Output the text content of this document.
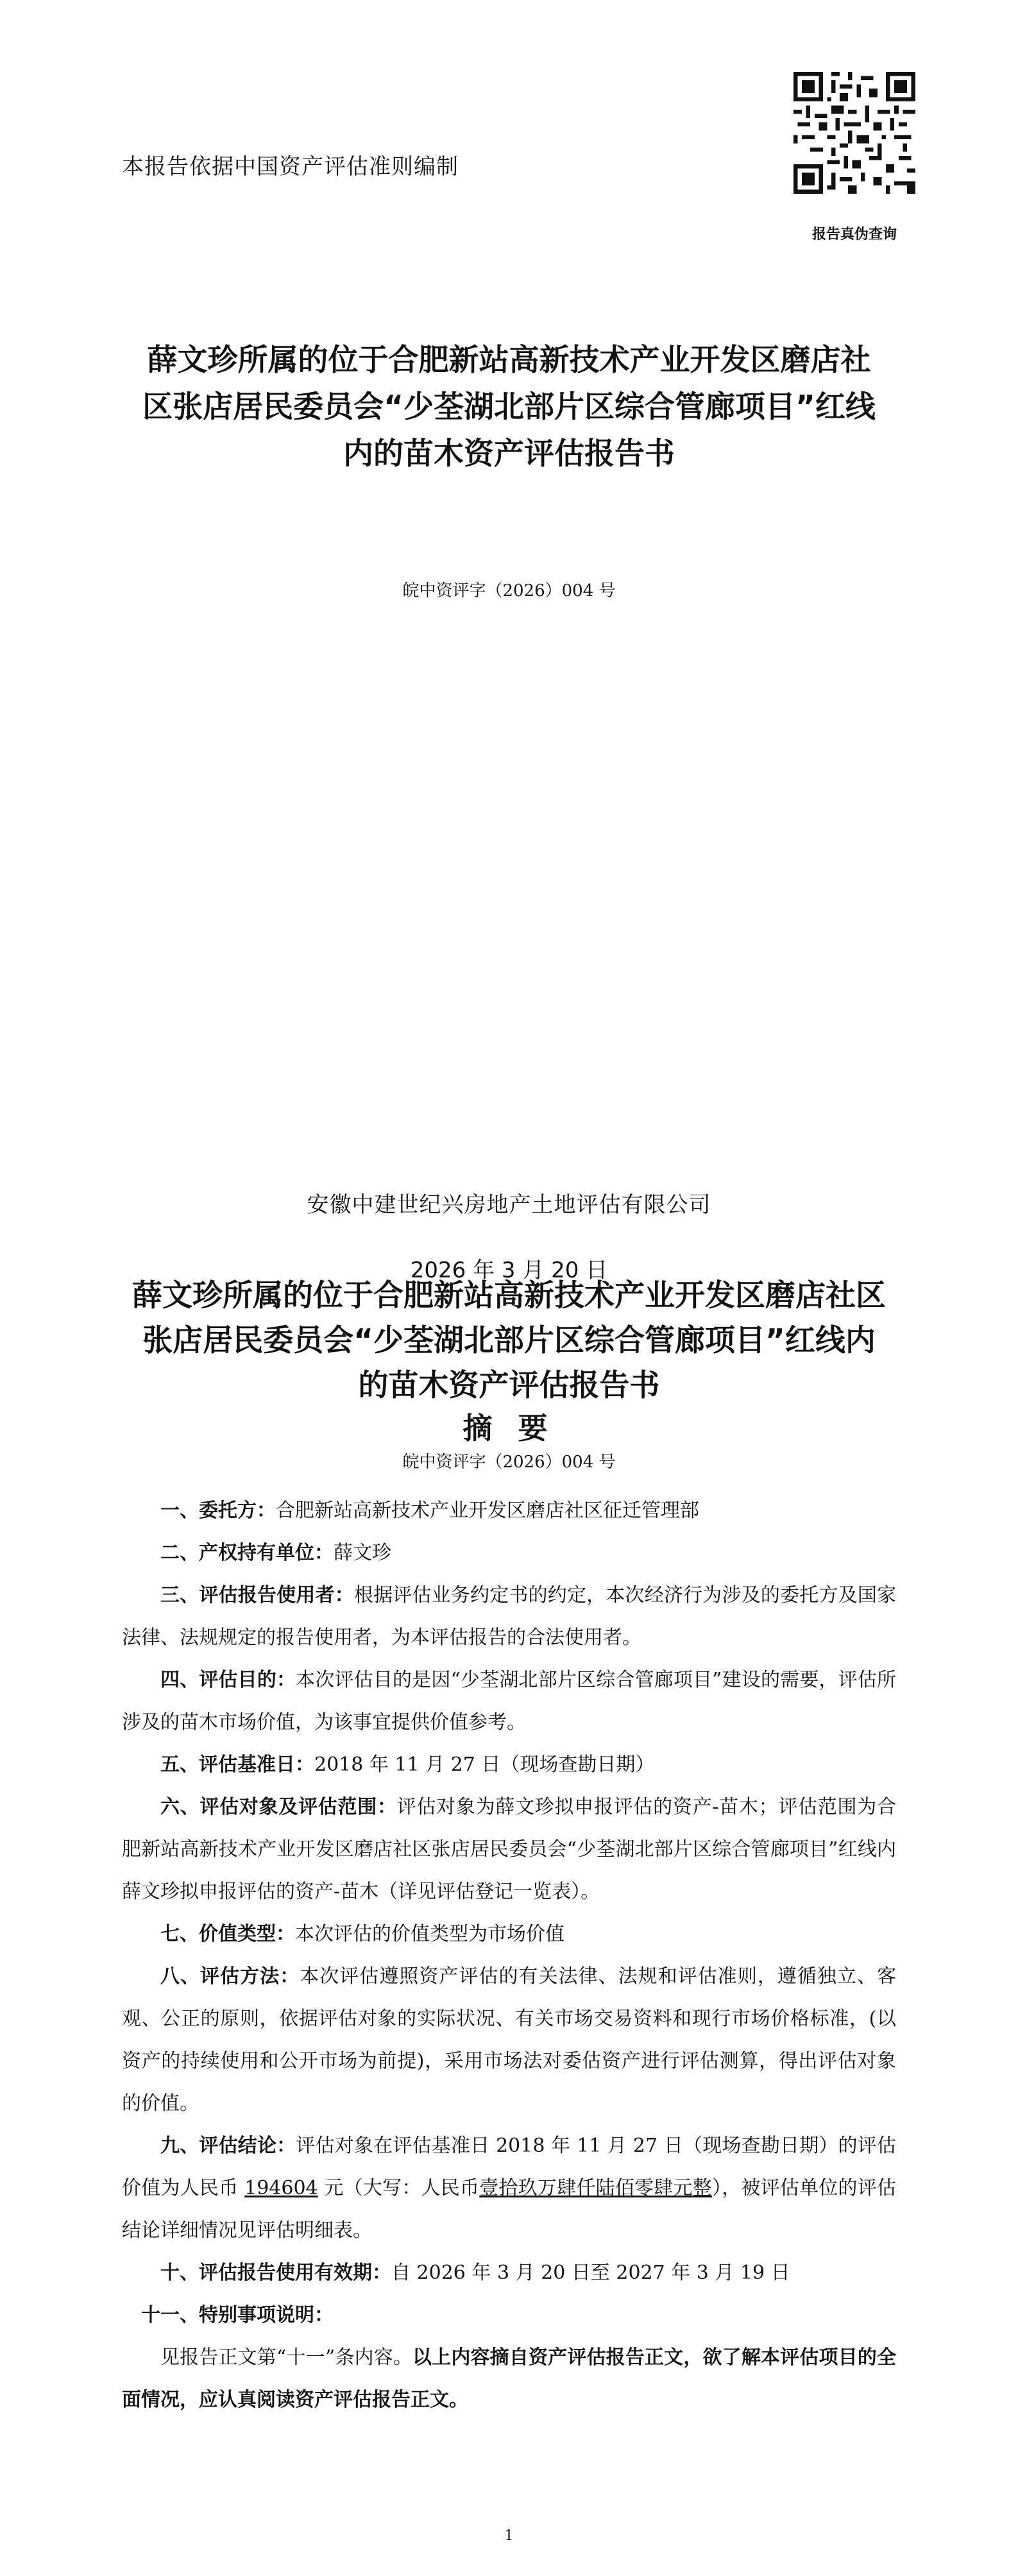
本报告依据中国资产评估准则编制
报告真伪查询
薛文珍所属的位于合肥新站高新技术产业开发区磨店社
区张店居民委员会“少荃湖北部片区综合管廊项目”红线
内的苗木资产评估报告书
皖中资评字（2026）004 号
安徽中建世纪兴房地产土地评估有限公司
2026 年 3 月 20 日
薛文珍所属的位于合肥新站高新技术产业开发区磨店社区
张店居民委员会“少荃湖北部片区综合管廊项目”红线内
的苗木资产评估报告书
摘 要
皖中资评字（2026）004 号

一、委托方：合肥新站高新技术产业开发区磨店社区征迁管理部

二、产权持有单位：薛文珍

三、评估报告使用者：根据评估业务约定书的约定，本次经济行为涉及的委托方及国家法律、法规规定的报告使用者，为本评估报告的合法使用者。

四、评估目的：本次评估目的是因“少荃湖北部片区综合管廊项目”建设的需要，评估所涉及的苗木市场价值，为该事宜提供价值参考。

五、评估基准日：2018 年 11 月 27 日（现场查勘日期）

六、评估对象及评估范围：评估对象为薛文珍拟申报评估的资产-苗木；评估范围为合肥新站高新技术产业开发区磨店社区张店居民委员会“少荃湖北部片区综合管廊项目”红线内薛文珍拟申报评估的资产-苗木（详见评估登记一览表）。

七、价值类型：本次评估的价值类型为市场价值

八、评估方法：本次评估遵照资产评估的有关法律、法规和评估准则，遵循独立、客观、公正的原则，依据评估对象的实际状况、有关市场交易资料和现行市场价格标准，(以资产的持续使用和公开市场为前提)，采用市场法对委估资产进行评估测算，得出评估对象的价值。

九、评估结论：评估对象在评估基准日 2018 年 11 月 27 日（现场查勘日期）的评估价值为人民币 194604 元（大写：人民币壹拾玖万肆仟陆佰零肆元整），被评估单位的评估结论详细情况见评估明细表。

十、评估报告使用有效期：自 2026 年 3 月 20 日至 2027 年 3 月 19 日

十一、特别事项说明：

见报告正文第“十一”条内容。以上内容摘自资产评估报告正文，欲了解本评估项目的全面情况，应认真阅读资产评估报告正文。

1
